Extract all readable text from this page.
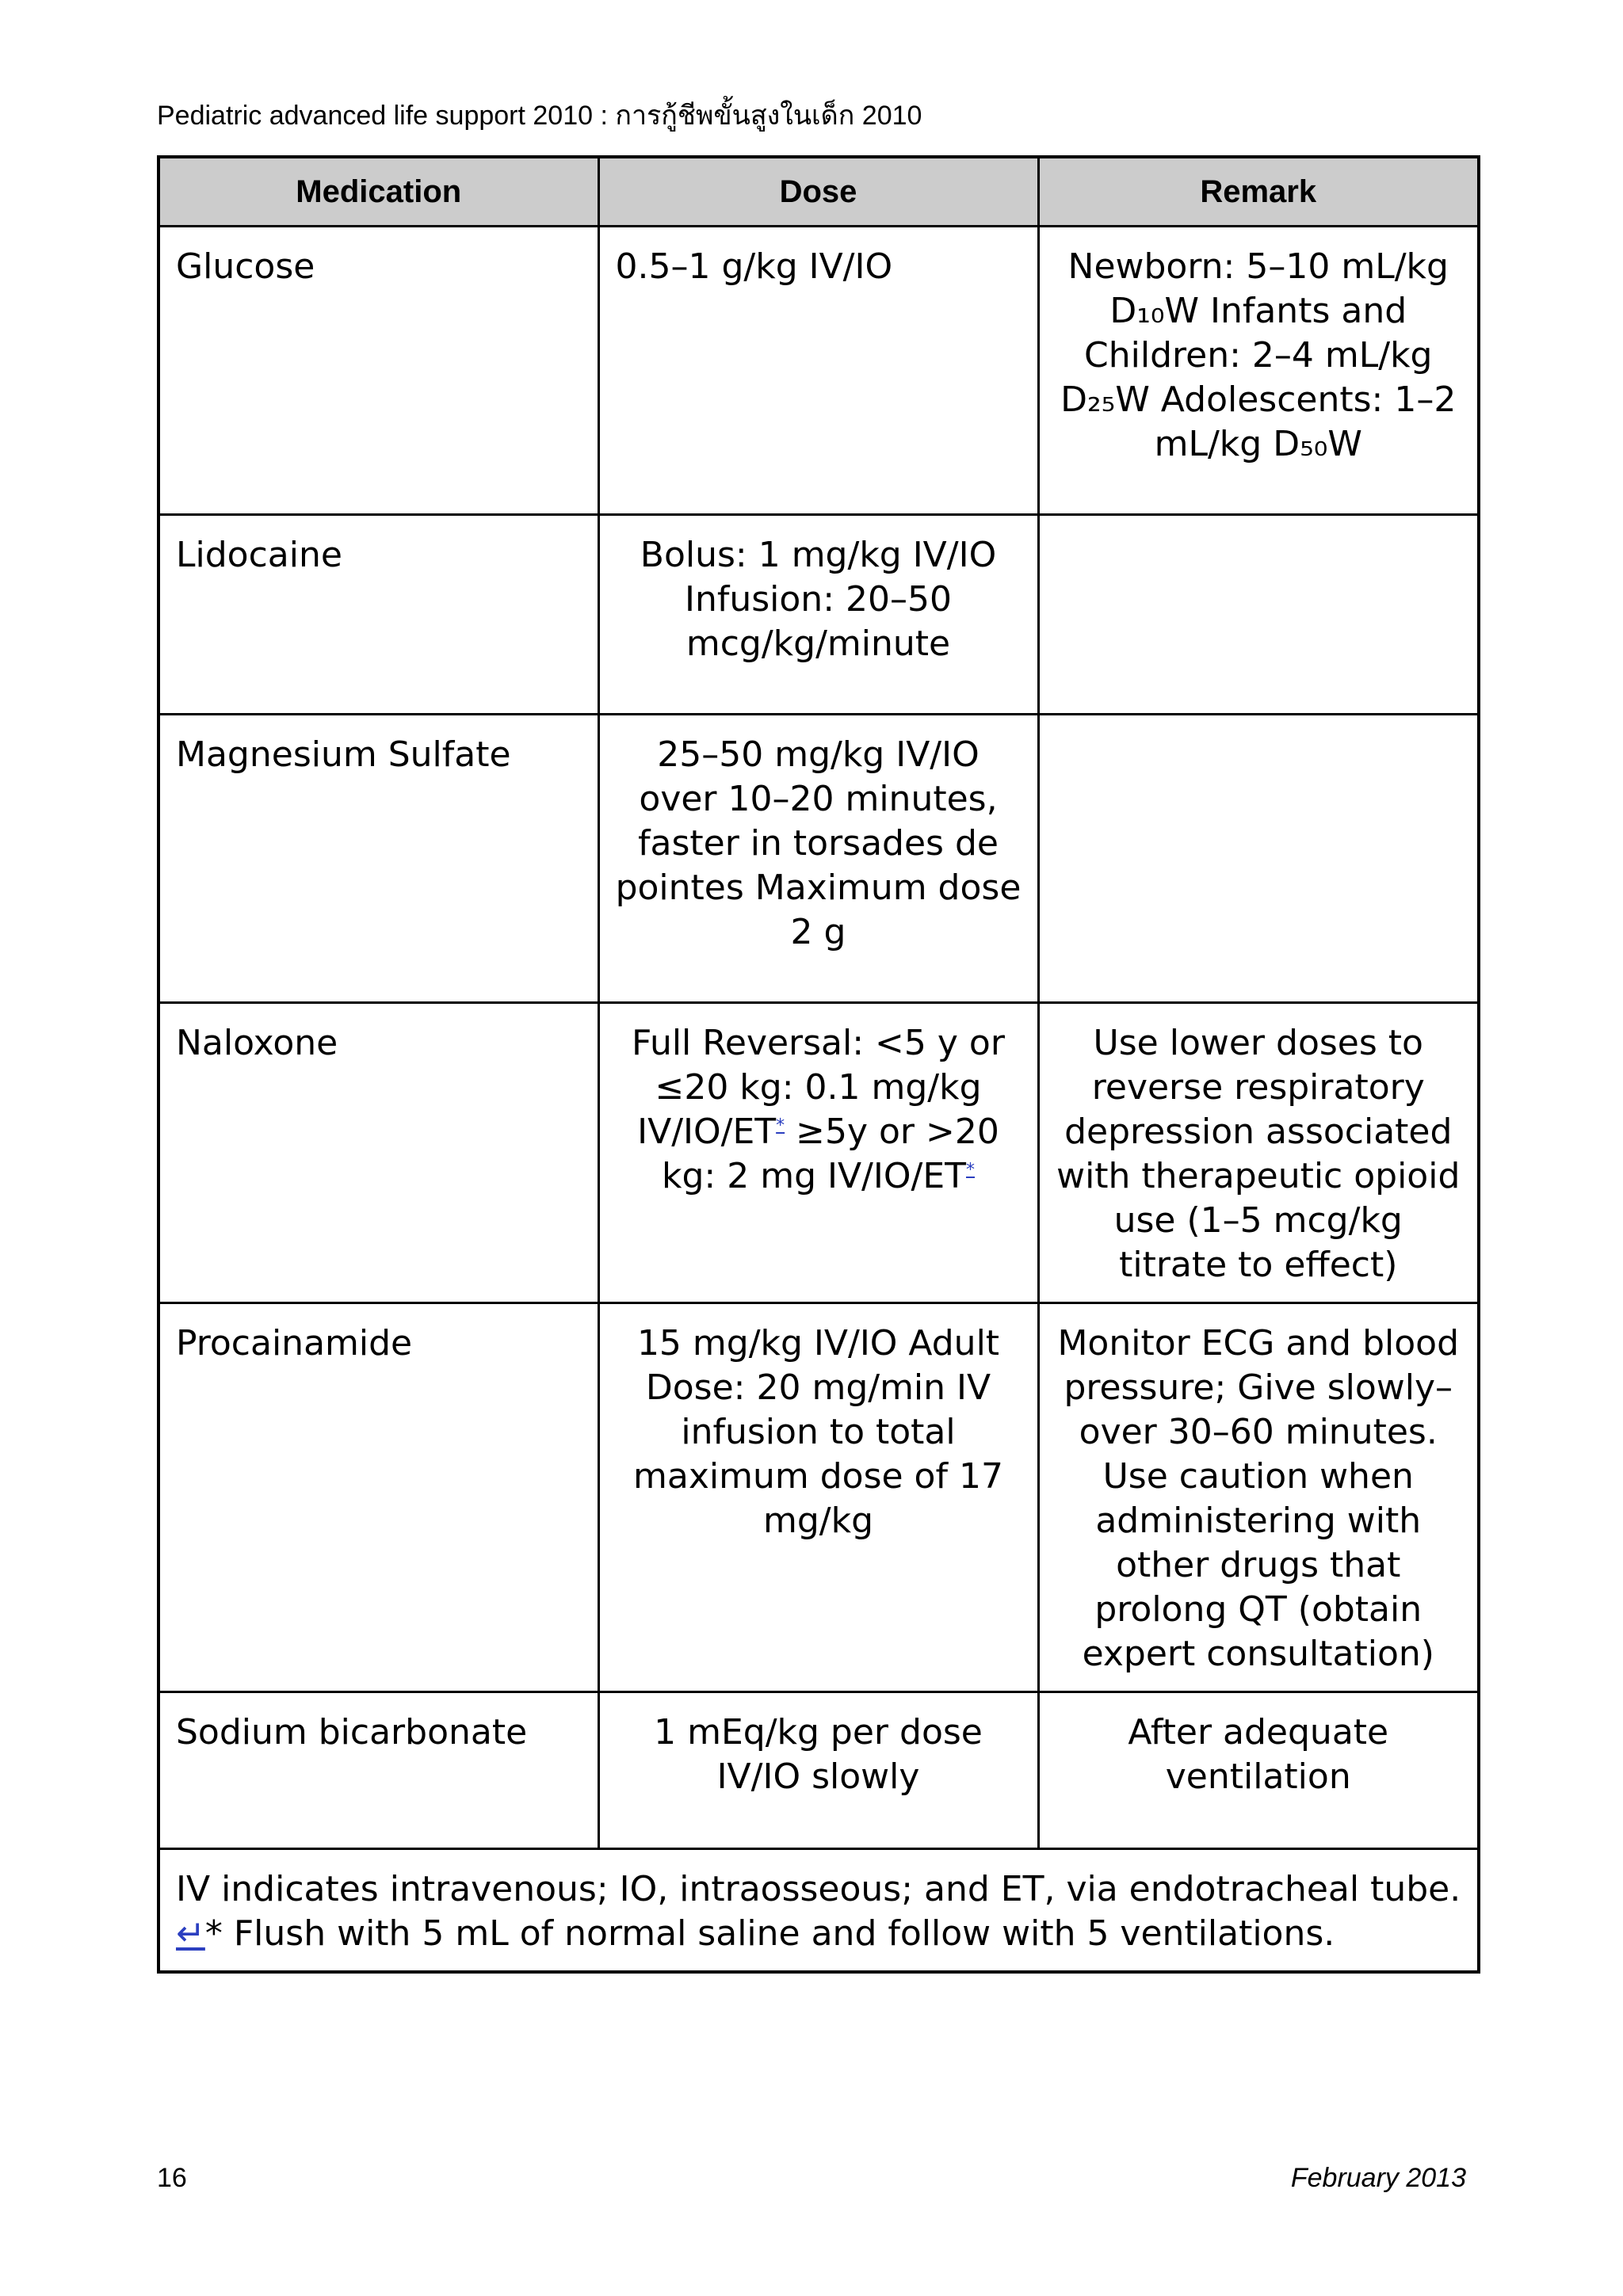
Pediatric advanced life support 2010 : การกู้ชีพขั้นสูงในเด็ก 2010
Medication	Dose	Remark
Glucose	0.5–1 g/kg IV/IO	Newborn: 5–10 mL/kg D₁₀W Infants and Children: 2–4 mL/kg D₂₅W Adolescents: 1–2 mL/kg D₅₀W
Lidocaine	Bolus: 1 mg/kg IV/IO Infusion: 20–50 mcg/kg/minute	
Magnesium Sulfate	25–50 mg/kg IV/IO over 10–20 minutes, faster in torsades de pointes Maximum dose 2 g	
Naloxone	Full Reversal: <5 y or ≤20 kg: 0.1 mg/kg IV/IO/ET* ≥5y or >20 kg: 2 mg IV/IO/ET*	Use lower doses to reverse respiratory depression associated with therapeutic opioid use (1–5 mcg/kg titrate to effect)
Procainamide	15 mg/kg IV/IO Adult Dose: 20 mg/min IV infusion to total maximum dose of 17 mg/kg	Monitor ECG and blood pressure; Give slowly–over 30–60 minutes. Use caution when administering with other drugs that prolong QT (obtain expert consultation)
Sodium bicarbonate	1 mEq/kg per dose IV/IO slowly	After adequate ventilation

IV indicates intravenous; IO, intraosseous; and ET, via endotracheal tube.
↵* Flush with 5 mL of normal saline and follow with 5 ventilations.		
16	February 2013
